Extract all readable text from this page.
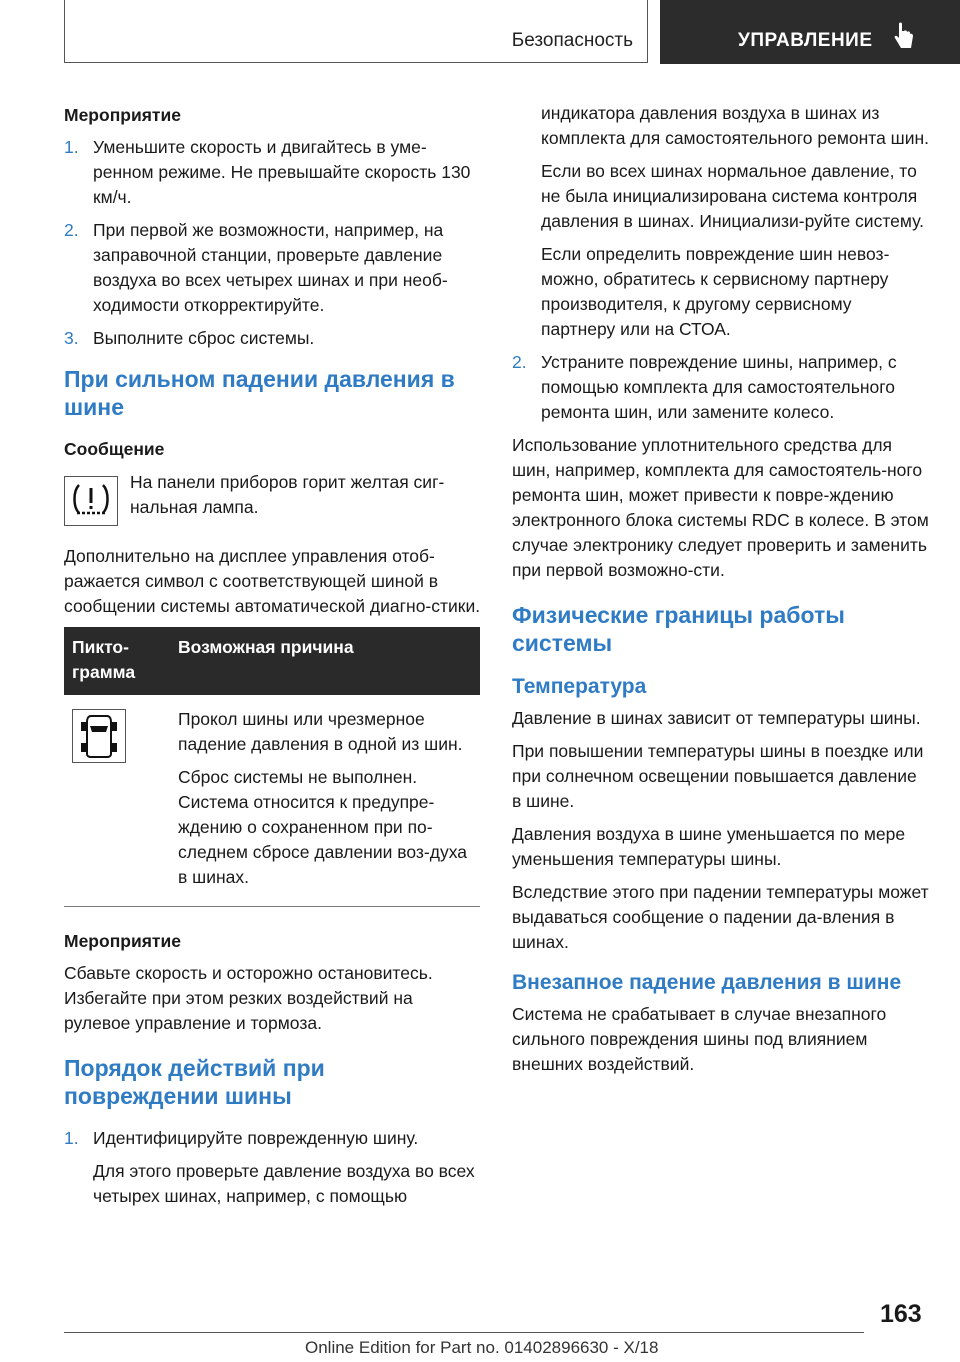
Безопасность	УПРАВЛЕНИЕ
Мероприятие
1. Уменьшите скорость и двигайтесь в уме-ренном режиме. Не превышайте скорость 130 км/ч.
2. При первой же возможности, например, на заправочной станции, проверьте давление воздуха во всех четырех шинах и при необ-ходимости откорректируйте.
3. Выполните сброс системы.
При сильном падении давления в шине
Сообщение
На панели приборов горит желтая сиг-нальная лампа.

Дополнительно на дисплее управления отоб-ражается символ с соответствующей шиной в сообщении системы автоматической диагно-стики.

Пикто-грамма	Возможная причина

Прокол шины или чрезмерное падение давления в одной из шин.

Сброс системы не выполнен. Система относится к предупре-ждению о сохраненном при по-следнем сбросе давлении воз-духа в шинах.

Мероприятие

Сбавьте скорость и осторожно остановитесь. Избегайте при этом резких воздействий на рулевое управление и тормоза.

Порядок действий при повреждении шины
1. Идентифицируйте поврежденную шину.

Для этого проверьте давление воздуха во всех четырех шинах, например, с помощью

индикатора давления воздуха в шинах из комплекта для самостоятельного ремонта шин.

Если во всех шинах нормальное давление, то не была инициализирована система контроля давления в шинах. Инициализи-руйте систему.

Если определить повреждение шин невоз-можно, обратитесь к сервисному партнеру производителя, к другому сервисному партнеру или на СТОА.

2. Устраните повреждение шины, например, с помощью комплекта для самостоятельного ремонта шин, или замените колесо.

Использование уплотнительного средства для шин, например, комплекта для самостоятель-ного ремонта шин, может привести к повре-ждению электронного блока системы RDC в колесе. В этом случае электронику следует проверить и заменить при первой возможно-сти.

Физические границы работы системы
Температура

Давление в шинах зависит от температуры шины.

При повышении температуры шины в поездке или при солнечном освещении повышается давление в шине.

Давления воздуха в шине уменьшается по мере уменьшения температуры шины.

Вследствие этого при падении температуры может выдаваться сообщение о падении да-вления в шинах.

Внезапное падение давления в шине

Система не срабатывает в случае внезапного сильного повреждения шины под влиянием внешних воздействий.

163
Online Edition for Part no. 01402896630 - X/18
